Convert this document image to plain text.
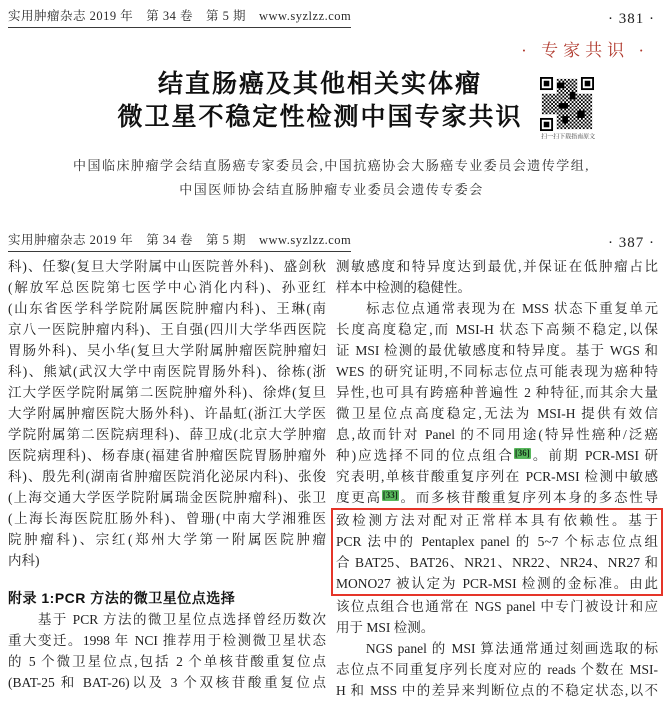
实用肿瘤杂志 2019 年　第 34 卷　第 5 期　www.syzlzz.com	· 381 ·
· 专家共识 ·
结直肠癌及其他相关实体瘤
微卫星不稳定性检测中国专家共识
扫一扫下载指南原文
中国临床肿瘤学会结直肠癌专家委员会,中国抗癌协会大肠癌专业委员会遗传学组,
中国医师协会结直肠肿瘤专业委员会遗传专委会
实用肿瘤杂志 2019 年　第 34 卷　第 5 期　www.syzlzz.com	· 387 ·
科)、任黎(复旦大学附属中山医院普外科)、盛剑秋
(解放军总医院第七医学中心消化内科)、孙亚红
(山东省医学科学院附属医院肿瘤内科)、王琳(南
京八一医院肿瘤内科)、王自强(四川大学华西医院
胃肠外科)、吴小华(复旦大学附属肿瘤医院肿瘤妇
科)、熊斌(武汉大学中南医院胃肠外科)、徐栋(浙
江大学医学院附属第二医院肿瘤外科)、徐烨(复旦
大学附属肿瘤医院大肠外科)、许晶虹(浙江大学医
学院附属第二医院病理科)、薛卫成(北京大学肿瘤
医院病理科)、杨春康(福建省肿瘤医院胃肠肿瘤外
科)、殷先利(湖南省肿瘤医院消化泌尿内科)、张俊
(上海交通大学医学院附属瑞金医院肿瘤科)、张卫
(上海长海医院肛肠外科)、曾珊(中南大学湘雅医
院肿瘤科)、宗红(郑州大学第一附属医院肿瘤
内科)
附录 1:PCR 方法的微卫星位点选择
　　基于 PCR 方法的微卫星位点选择曾经历数次
重大变迁。1998 年 NCI 推荐用于检测微卫星状态
的 5 个微卫星位点,包括 2 个单核苷酸重复位点
(BAT-25 和 BAT-26)以及 3 个双核苷酸重复位点
测敏感度和特异度达到最优,并保证在低肿瘤占比
样本中检测的稳健性。
　　标志位点通常表现为在 MSS 状态下重复单元
长度高度稳定,而 MSI-H 状态下高频不稳定,以保
证 MSI 检测的最优敏感度和特异度。基于 WGS 和
WES 的研究证明,不同标志位点可能表现为癌种特
异性,也可具有跨癌种普遍性 2 种特征,而其余大量
微卫星位点高度稳定,无法为 MSI-H 提供有效信
息,故而针对 Panel 的不同用途(特异性癌种/泛癌
种)应选择不同的位点组合[36]。前期 PCR-MSI 研
究表明,单核苷酸重复序列在 PCR-MSI 检测中敏感
度更高[33]。而多核苷酸重复序列本身的多态性导
致检测方法对配对正常样本具有依赖性。基于
PCR 法中的 Pentaplex panel 的 5~7 个标志位点组
合 BAT25、BAT26、NR21、NR22、NR24、NR27 和
MONO27 被认定为 PCR-MSI 检测的金标准。由此
该位点组合也通常在 NGS panel 中专门被设计和应
用于 MSI 检测。
　　NGS panel 的 MSI 算法通常通过刻画选取的标
志位点不同重复序列长度对应的 reads 个数在 MSI-
H 和 MSS 中的差异来判断位点的不稳定状态,以不
